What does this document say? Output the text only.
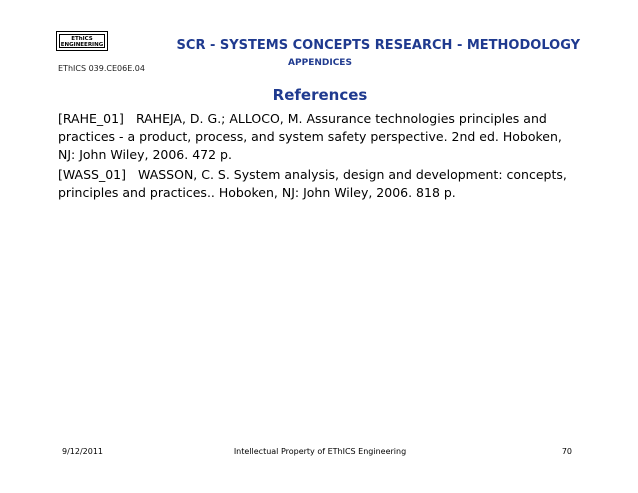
EThICS
ENGINEERING	SCR - SYSTEMS CONCEPTS RESEARCH - METHODOLOGY
EThICS 039.CE06E.04
APPENDICES
References

[RAHE_01] RAHEJA, D. G.; ALLOCO, M. Assurance technologies principles and practices - a product, process, and system safety perspective. 2nd ed. Hoboken, NJ: John Wiley, 2006. 472 p.

[WASS_01] WASSON, C. S. System analysis, design and development: concepts, principles and practices.. Hoboken, NJ: John Wiley, 2006. 818 p.

9/12/2011	Intellectual Property of EThICS Engineering	70
